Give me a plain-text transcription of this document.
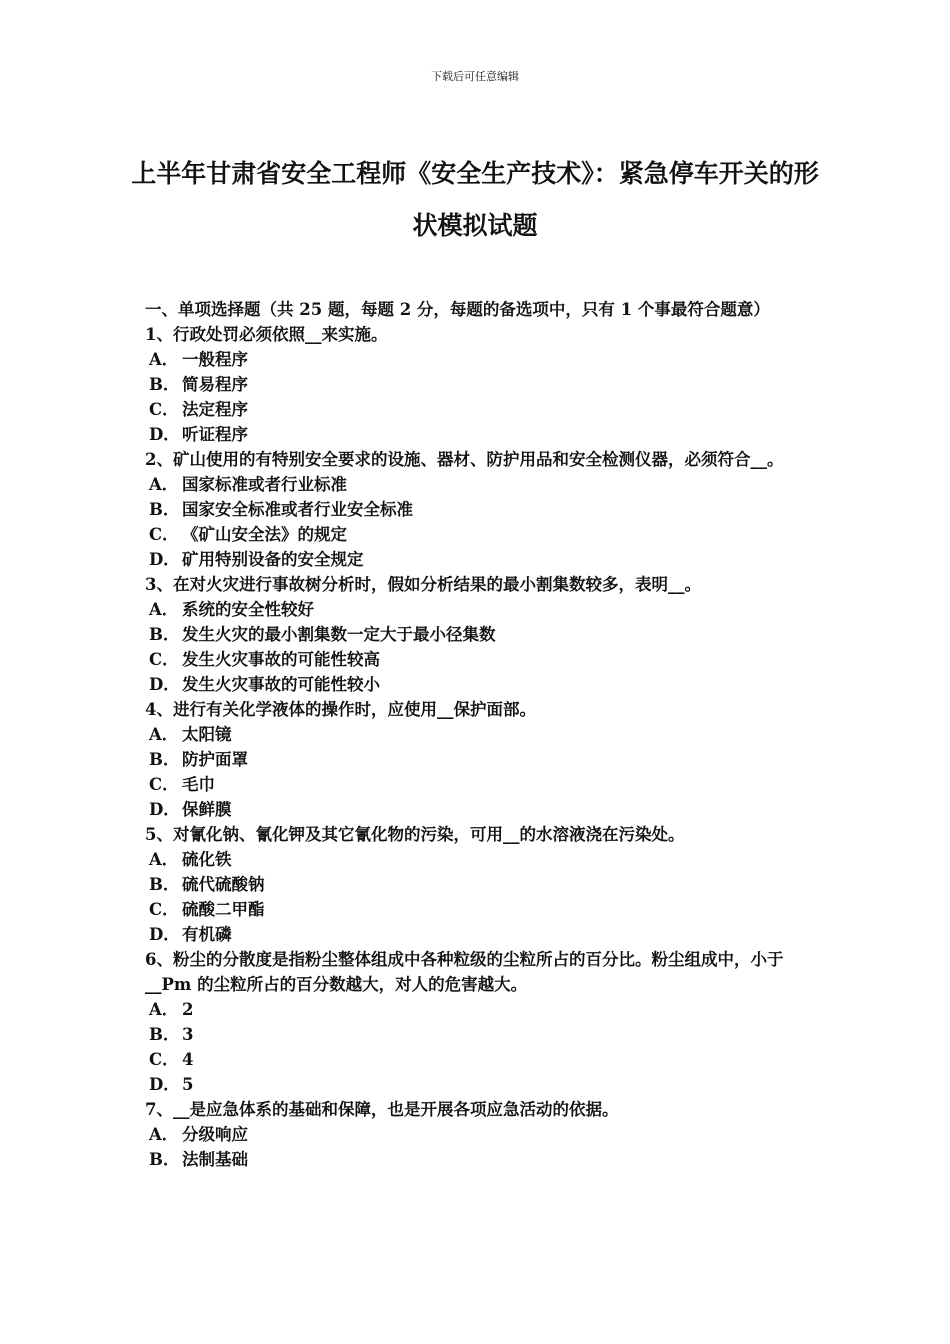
下载后可任意编辑
上半年甘肃省安全工程师《安全生产技术》：紧急停车开关的形状模拟试题
一、单项选择题（共 25 题，每题 2 分，每题的备选项中，只有 1 个事最符合题意）
1、行政处罚必须依照__来实施。
A． 一般程序
B． 简易程序
C． 法定程序
D． 听证程序
2、矿山使用的有特别安全要求的设施、器材、防护用品和安全检测仪器，必须符合__。
A． 国家标准或者行业标准
B． 国家安全标准或者行业安全标准
C． 《矿山安全法》的规定
D． 矿用特别设备的安全规定
3、在对火灾进行事故树分析时，假如分析结果的最小割集数较多，表明__。
A． 系统的安全性较好
B． 发生火灾的最小割集数一定大于最小径集数
C． 发生火灾事故的可能性较高
D． 发生火灾事故的可能性较小
4、进行有关化学液体的操作时，应使用__保护面部。
A． 太阳镜
B． 防护面罩
C． 毛巾
D． 保鲜膜
5、对氰化钠、氰化钾及其它氰化物的污染，可用__的水溶液浇在污染处。
A． 硫化铁
B． 硫代硫酸钠
C． 硫酸二甲酯
D． 有机磷
6、粉尘的分散度是指粉尘整体组成中各种粒级的尘粒所占的百分比。粉尘组成中，小于__Pm 的尘粒所占的百分数越大，对人的危害越大。
A． 2
B． 3
C． 4
D． 5
7、__是应急体系的基础和保障，也是开展各项应急活动的依据。
A． 分级响应
B． 法制基础
